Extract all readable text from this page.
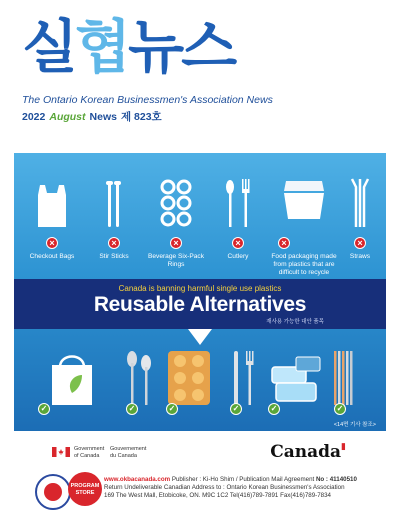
실협뉴스
The Ontario Korean Businessmen's Association News
2022 August News 제 823호
×
Checkout Bags
×
Stir Sticks
×
Beverage Six-Pack Rings
×
Cutlery
×
Food packaging made from plastics that are difficult to recycle
×
Straws
Canada is banning harmful single use plastics
Reusable Alternatives
재사용 가능한 대안 품목
✓	✓	✓	✓	✓	✓
<14면 기사 참조>
Government
of Canada
Gouvernement
du Canada	Canada▮
PROGRAM
STORE
www.okbacanada.com Publisher : Ki-Ho Shim / Publication Mail Agreement No : 41140510
Return Undeliverable Canadian Address to : Ontario Korean Businessmen's Association
169 The West Mall, Etobicoke, ON. M9C 1C2 Tel(416)789-7891 Fax(416)789-7834
